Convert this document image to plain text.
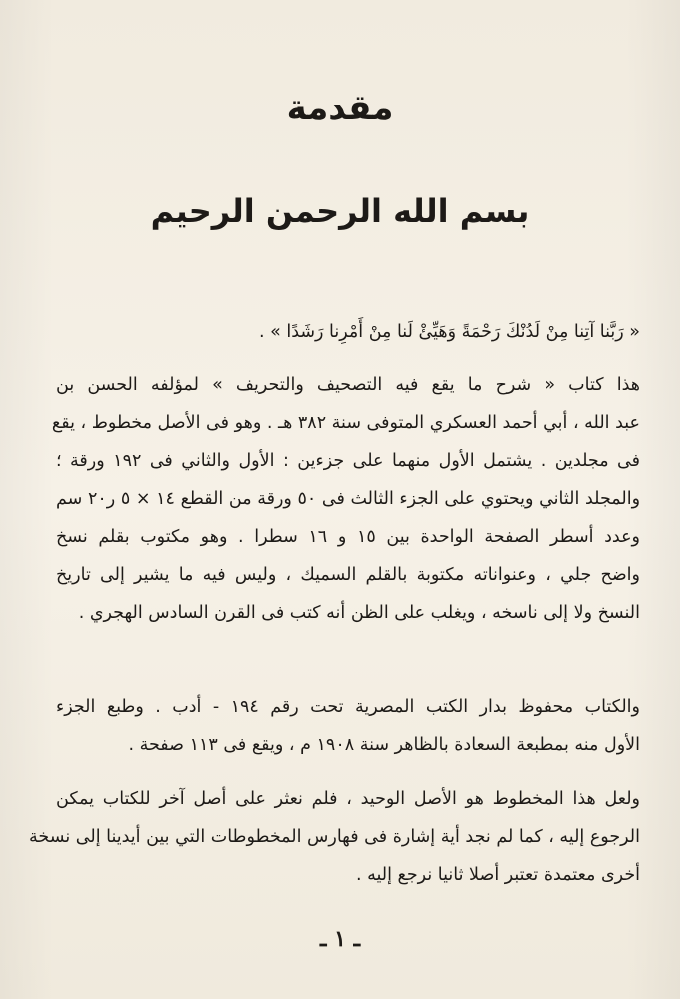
مقدمة
بسم الله الرحمن الرحيم
« رَبَّنا آتِنا مِنْ لَدُنْكَ رَحْمَةً وَهَيِّئْ لَنا مِنْ أَمْرِنا رَشَدًا » .
هذا كتاب « شرح ما يقع فيه التصحيف والتحريف » لمؤلفه الحسن بن
عبد الله ، أبي أحمد العسكري المتوفى سنة ٣٨٢ هـ . وهو فى الأصل مخطوط ، يقع
فى مجلدين . يشتمل الأول منهما على جزءين : الأول والثاني فى ١٩٢ ورقة ؛
والمجلد الثاني ويحتوي على الجزء الثالث فى ٥٠ ورقة من القطع ١٤ × ٥ ر٢٠ سم
وعدد أسطر الصفحة الواحدة بين ١٥ و ١٦ سطرا . وهو مكتوب بقلم نسخ
واضح جلي ، وعنواناته مكتوبة بالقلم السميك ، وليس فيه ما يشير إلى تاريخ
النسخ ولا إلى ناسخه ، ويغلب على الظن أنه كتب فى القرن السادس الهجري .
والكتاب محفوظ بدار الكتب المصرية تحت رقم ١٩٤ - أدب . وطبع الجزء
الأول منه بمطبعة السعادة بالظاهر سنة ١٩٠٨ م ، ويقع فى ١١٣ صفحة .
ولعل هذا المخطوط هو الأصل الوحيد ، فلم نعثر على أصل آخر للكتاب يمكن
الرجوع إليه ، كما لم نجد أية إشارة فى فهارس المخطوطات التي بين أيدينا إلى نسخة
أخرى معتمدة تعتبر أصلا ثانيا نرجع إليه .
ـ ١ ـ
